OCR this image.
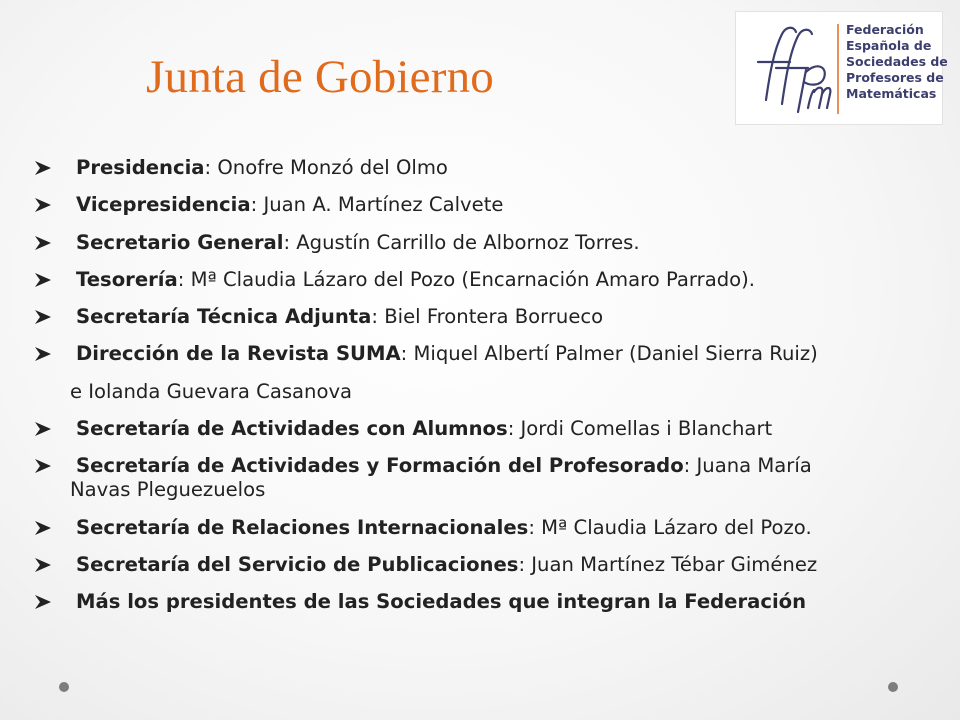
Junta de Gobierno
Federación
Española de
Sociedades de
Profesores de
Matemáticas
Presidencia: Onofre Monzó del Olmo
Vicepresidencia: Juan A. Martínez Calvete
Secretario General: Agustín Carrillo de Albornoz Torres.
Tesorería: Mª Claudia Lázaro del Pozo (Encarnación Amaro Parrado).
Secretaría Técnica Adjunta: Biel Frontera Borrueco
Dirección de la Revista SUMA: Miquel Albertí Palmer (Daniel Sierra Ruiz)
e Iolanda Guevara Casanova
Secretaría de Actividades con Alumnos: Jordi Comellas i Blanchart
Secretaría de Actividades y Formación del Profesorado: Juana María
Navas Pleguezuelos
Secretaría de Relaciones Internacionales: Mª Claudia Lázaro del Pozo.
Secretaría del Servicio de Publicaciones: Juan Martínez Tébar Giménez
Más los presidentes de las Sociedades que integran la Federación
